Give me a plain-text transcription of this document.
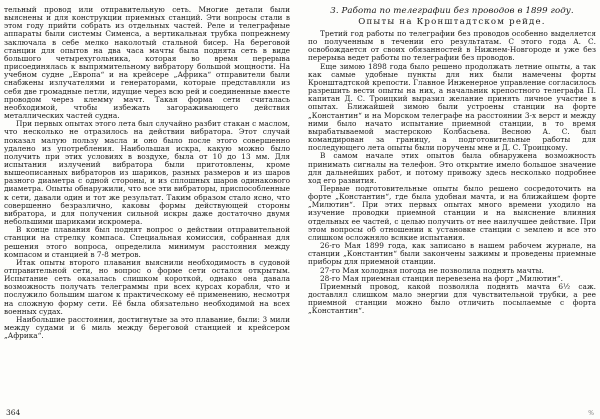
тельный провод или отправительную сеть. Многие детали были выяснены и для конструкции приемных станций. Эти вопросы стали в этом году прийти собрать из отдельных частей. Реле и телеграфные аппараты были системы Сименса, а вертикальная трубка попрежнему заключала в себе мелко наколотый стальной бисер. На береговой станции для опытов на два часа мачты была поднята сеть в виде большого четырехугольника, которая во время перерыва присоединялась к выпрямительному вибратору большой мощности. На учебном судне „Европа“ и на крейсере „Африка“ отправители были снабжены излучателями и генераторами, которые представляли из себя две громадные петли, идущие через всю рей и соединенные вместе проводом через клемму мачт. Такая форма сети считалась необходимой, чтобы избежать загораживающего действия металлических частей судна.

При первых опытах этого лета был случайно разбит стакан с маслом, что несколько не отразилось на действии вибратора. Этот случай показал малую пользу масла и оно было после этого совершенно удалено из употребления. Наибольшая искра, какую можно было получить при этих условиях в воздухе, была от 10 до 13 мм. Для испытания излучений вибратора были приготовлены, кроме вышеописанных вибраторов из шариков, разных размеров и из шаров разного диаметра с одной стороны, и из сплошных шаров одинакового диаметра. Опыты обнаружили, что все эти вибраторы, приспособленные к сети, давали один и тот же результат. Таким образом стало ясно, что совершенно безразлично, каковы формы действующей стороны вибратора, и для получения сильной искры даже достаточно двумя небольшими шариками искромера.

В конце плавания был поднят вопрос о действии отправительной станции на стрелку компаса. Специальная комиссия, собранная для решения этого вопроса, определила минимум расстояния между компасом и станцией в 7-8 метров.

Итак опыты второго плавания выяснили необходимость в судовой отправительной сети, но вопрос о форме сети остался открытым. Испытание сеть оказалась слишком короткой, однако она давала возможность получать телеграммы при всех курсах корабля, что и послужило большим шагом к практическому её применению, несмотря на сложную форму сети. Её была обязательно необходимой на всех военных судах.

Наибольшие расстояния, достигнутые за это плавание, были: 3 мили между судами и 6 миль между береговой станцией и крейсером „Африка“.

3. Работа по телеграфии без проводов в 1899 году.
Опыты на Кронштадтском рейде.

Третий год работы по телеграфии без проводов особенно выделяется по полученным в течении его результатам. С этого года А. С. освобождается от своих обязанностей в Нижнем-Новгороде и уже без перерыва ведет работы по телеграфии без проводов.

Еще зимою 1898 года было решено продолжать летние опыты, а так как самые удобные пункты для них были намечены форты Кронштадтской крепости. Главное Инженерное управление согласилось разрешить вести опыты на них, а начальник крепостного телеграфа П. капитан Д. С. Троицкий выразил желание принять личное участие в опытах. Ближайшей зимою были устроены станции на форте „Константин“ и на Морском телеграфе на расстоянии 3-х верст и между ними было начато испытание приемной станции, в то время вырабатываемой мастерскою Колбасьева. Весною А. С. был командирован за границу, а подготовительные работы для последующего лета опыты были поручены мне и Д. С. Троицкому.

В самом начале этих опытов была обнаружена возможность принимать сигналы на телефон. Это открытие имело большое значение для дальнейших работ, и потому привожу здесь несколько подробнее ход его развития.

Первые подготовительные опыты было решено сосредоточить на форте „Константин“, где была удобная мачта, и на ближайшем форте „Милютин“. При этих первых опытах много времени уходило на изучение проводки приемной станции и на выяснение влияния отдельных ее частей, с целью получить от нее наилучшее действие. При этом вопросы об отношении к установке станции с землею и все это слишком осложняло всякие испытания.

26-го Мая 1899 года, как записано в нашем рабочем журнале, на станции „Константин“ были закончены зажимы и проведены приемные приборы для приемной станции.

27-го Мая холодная погода не позволила поднять мачты.

28-го Мая приемная станция перевезена на форт „Милютин“.

Приемный провод, какой позволяла поднять мачта 6½ саж. доставлял слишком мало энергии для чувствительной трубки, а рее приемной станции можно было отличить посылаемые с форта „Константин“.

364	%
